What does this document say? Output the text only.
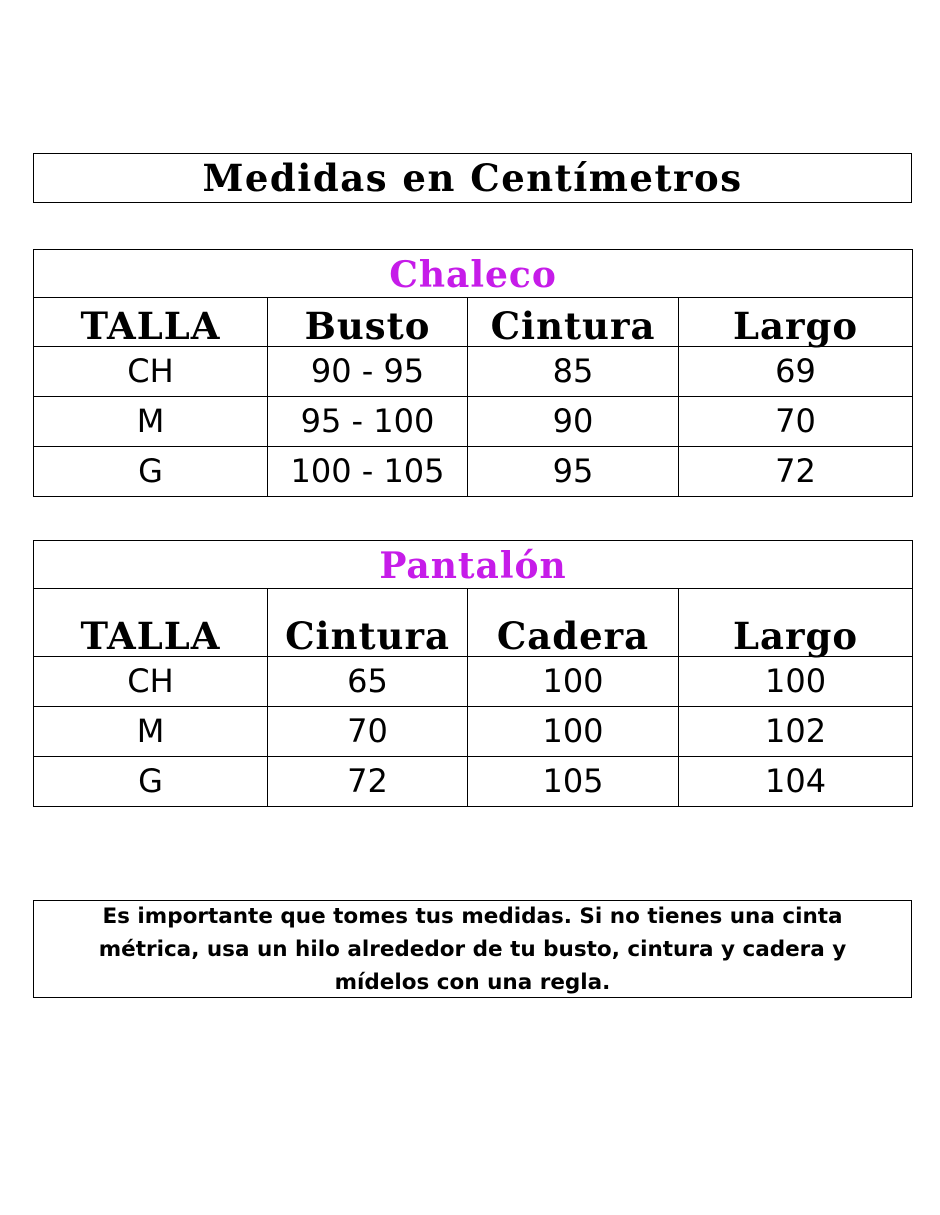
Medidas en Centímetros
Chaleco			
TALLA	Busto	Cintura	Largo
CH	90 - 95	85	69
M	95 - 100	90	70
G	100 - 105	95	72
Pantalón			
TALLA	Cintura	Cadera	Largo
CH	65	100	100
M	70	100	102
G	72	105	104
Es importante que tomes tus medidas. Si no tienes una cinta métrica, usa un hilo alrededor de tu busto, cintura y cadera y mídelos con una regla.
